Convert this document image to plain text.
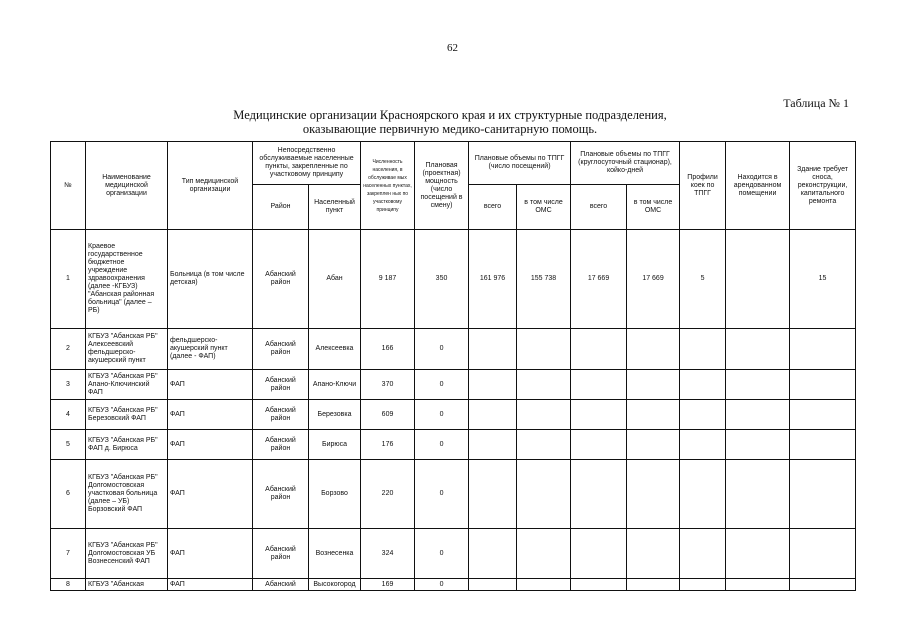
62
Таблица № 1
Медицинские организации Красноярского края и их структурные подразделения,
оказывающие первичную медико-санитарную помощь.
№	Наименование медицинской организации	Тип медицинской организации	Непосредственно обслуживаемые населенные пункты, закрепленные по участковому принципу		Численность населения, в обслуживае мых населенных пунктах, закреплен ных по участковому принципу	Плановая (проектная) мощность (число посещений в смену)	Плановые объемы по ТПГГ (число посещений)		Плановые объемы по ТПГГ (круглосуточный стационар), койко-дней		Профили коек по ТПГГ	Находится в арендованном помещении	Здание требует сноса, реконструкции, капитального ремонта
			Район	Населенный пункт			всего	в том числе ОМС	всего	в том числе ОМС			
1	Краевое государственное бюджетное учреждение здравоохранения (далее -КГБУЗ) "Абанская районная больница" (далее – РБ)	Больница (в том числе детская)	Абанский район	Абан	9 187	350	161 976	155 738	17 669	17 669	5		15
2	КГБУЗ "Абанская РБ" Алексеевский фельдшерско-акушерский пункт	фельдшерско-акушерский пункт (далее - ФАП)	Абанский район	Алексеевка	166	0							
3	КГБУЗ "Абанская РБ" Апано-Ключинский ФАП	ФАП	Абанский район	Апано-Ключи	370	0							
4	КГБУЗ "Абанская РБ" Березовский ФАП	ФАП	Абанский район	Березовка	609	0							
5	КГБУЗ "Абанская РБ" ФАП д. Бирюса	ФАП	Абанский район	Бирюса	176	0							
6	КГБУЗ "Абанская РБ" Долгомостовская участковая больница (далее – УБ) Борзовский ФАП	ФАП	Абанский район	Борзово	220	0							
7	КГБУЗ "Абанская РБ" Долгомостовская УБ Вознесенский ФАП	ФАП	Абанский район	Вознесенка	324	0							
8	КГБУЗ "Абанская	ФАП	Абанский	Высокогород	169	0							
